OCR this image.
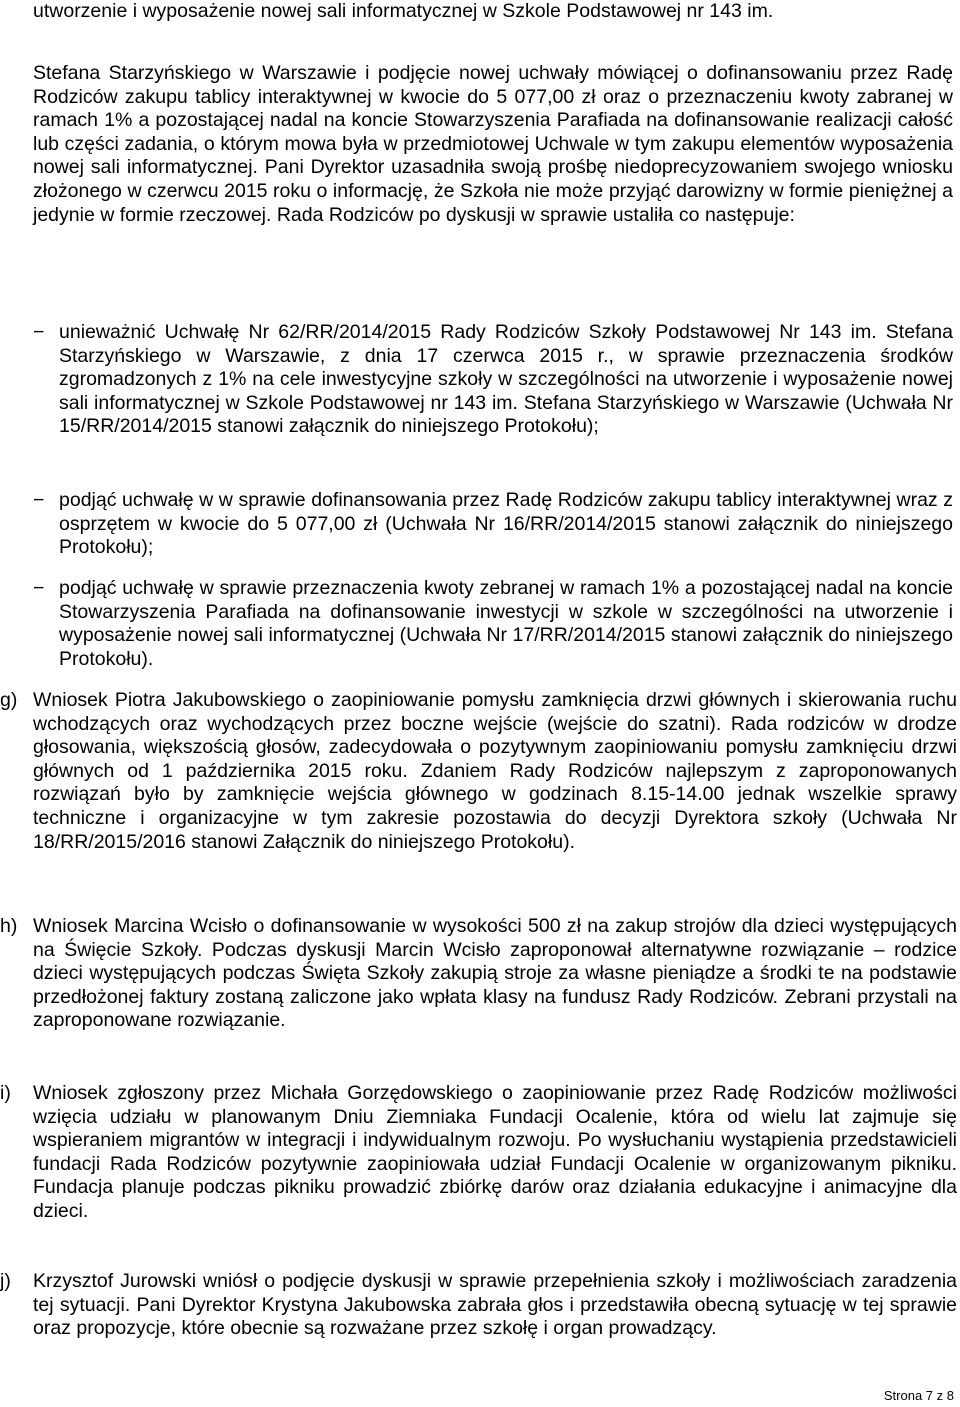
utworzenie i wyposażenie nowej sali informatycznej w Szkole Podstawowej nr 143 im.

Stefana Starzyńskiego w Warszawie i podjęcie nowej uchwały mówiącej o dofinansowaniu przez Radę Rodziców zakupu tablicy interaktywnej w kwocie do 5 077,00 zł oraz o przeznaczeniu kwoty zabranej w ramach 1% a pozostającej nadal na koncie Stowarzyszenia Parafiada na dofinansowanie realizacji całość lub części zadania, o którym mowa była w przedmiotowej Uchwale w tym zakupu elementów wyposażenia nowej sali informatycznej. Pani Dyrektor uzasadniła swoją prośbę niedoprecyzowaniem swojego wniosku złożonego w czerwcu 2015 roku o informację, że Szkoła nie może przyjąć darowizny w formie pieniężnej a jedynie w formie rzeczowej. Rada Rodziców po dyskusji w sprawie ustaliła co następuje:

− unieważnić Uchwałę Nr 62/RR/2014/2015 Rady Rodziców Szkoły Podstawowej Nr 143 im. Stefana Starzyńskiego w Warszawie, z dnia 17 czerwca 2015 r., w sprawie przeznaczenia środków zgromadzonych z 1% na cele inwestycyjne szkoły w szczególności na utworzenie i wyposażenie nowej sali informatycznej w Szkole Podstawowej nr 143 im. Stefana Starzyńskiego w Warszawie (Uchwała Nr 15/RR/2014/2015 stanowi załącznik do niniejszego Protokołu);

− podjąć uchwałę w w sprawie dofinansowania przez Radę Rodziców zakupu tablicy interaktywnej wraz z osprzętem w kwocie do 5 077,00 zł (Uchwała Nr 16/RR/2014/2015 stanowi załącznik do niniejszego Protokołu);

− podjąć uchwałę w sprawie przeznaczenia kwoty zebranej w ramach 1% a pozostającej nadal na koncie Stowarzyszenia Parafiada na dofinansowanie inwestycji w szkole w szczególności na utworzenie i wyposażenie nowej sali informatycznej (Uchwała Nr 17/RR/2014/2015 stanowi załącznik do niniejszego Protokołu).

g) Wniosek Piotra Jakubowskiego o zaopiniowanie pomysłu zamknięcia drzwi głównych i skierowania ruchu wchodzących oraz wychodzących przez boczne wejście (wejście do szatni). Rada rodziców w drodze głosowania, większością głosów, zadecydowała o pozytywnym zaopiniowaniu pomysłu zamknięciu drzwi głównych od 1 października 2015 roku. Zdaniem Rady Rodziców najlepszym z zaproponowanych rozwiązań było by zamknięcie wejścia głównego w godzinach 8.15-14.00 jednak wszelkie sprawy techniczne i organizacyjne w tym zakresie pozostawia do decyzji Dyrektora szkoły (Uchwała Nr 18/RR/2015/2016 stanowi Załącznik do niniejszego Protokołu).

h) Wniosek Marcina Wcisło o dofinansowanie w wysokości 500 zł na zakup strojów dla dzieci występujących na Święcie Szkoły. Podczas dyskusji Marcin Wcisło zaproponował alternatywne rozwiązanie – rodzice dzieci występujących podczas Święta Szkoły zakupią stroje za własne pieniądze a środki te na podstawie przedłożonej faktury zostaną zaliczone jako wpłata klasy na fundusz Rady Rodziców. Zebrani przystali na zaproponowane rozwiązanie.

i) Wniosek zgłoszony przez Michała Gorzędowskiego o zaopiniowanie przez Radę Rodziców możliwości wzięcia udziału w planowanym Dniu Ziemniaka Fundacji Ocalenie, która od wielu lat zajmuje się wspieraniem migrantów w integracji i indywidualnym rozwoju. Po wysłuchaniu wystąpienia przedstawicieli fundacji Rada Rodziców pozytywnie zaopiniowała udział Fundacji Ocalenie w organizowanym pikniku. Fundacja planuje podczas pikniku prowadzić zbiórkę darów oraz działania edukacyjne i animacyjne dla dzieci.

j) Krzysztof Jurowski wniósł o podjęcie dyskusji w sprawie przepełnienia szkoły i możliwościach zaradzenia tej sytuacji. Pani Dyrektor Krystyna Jakubowska zabrała głos i przedstawiła obecną sytuację w tej sprawie oraz propozycje, które obecnie są rozważane przez szkołę i organ prowadzący.

Strona 7 z 8
